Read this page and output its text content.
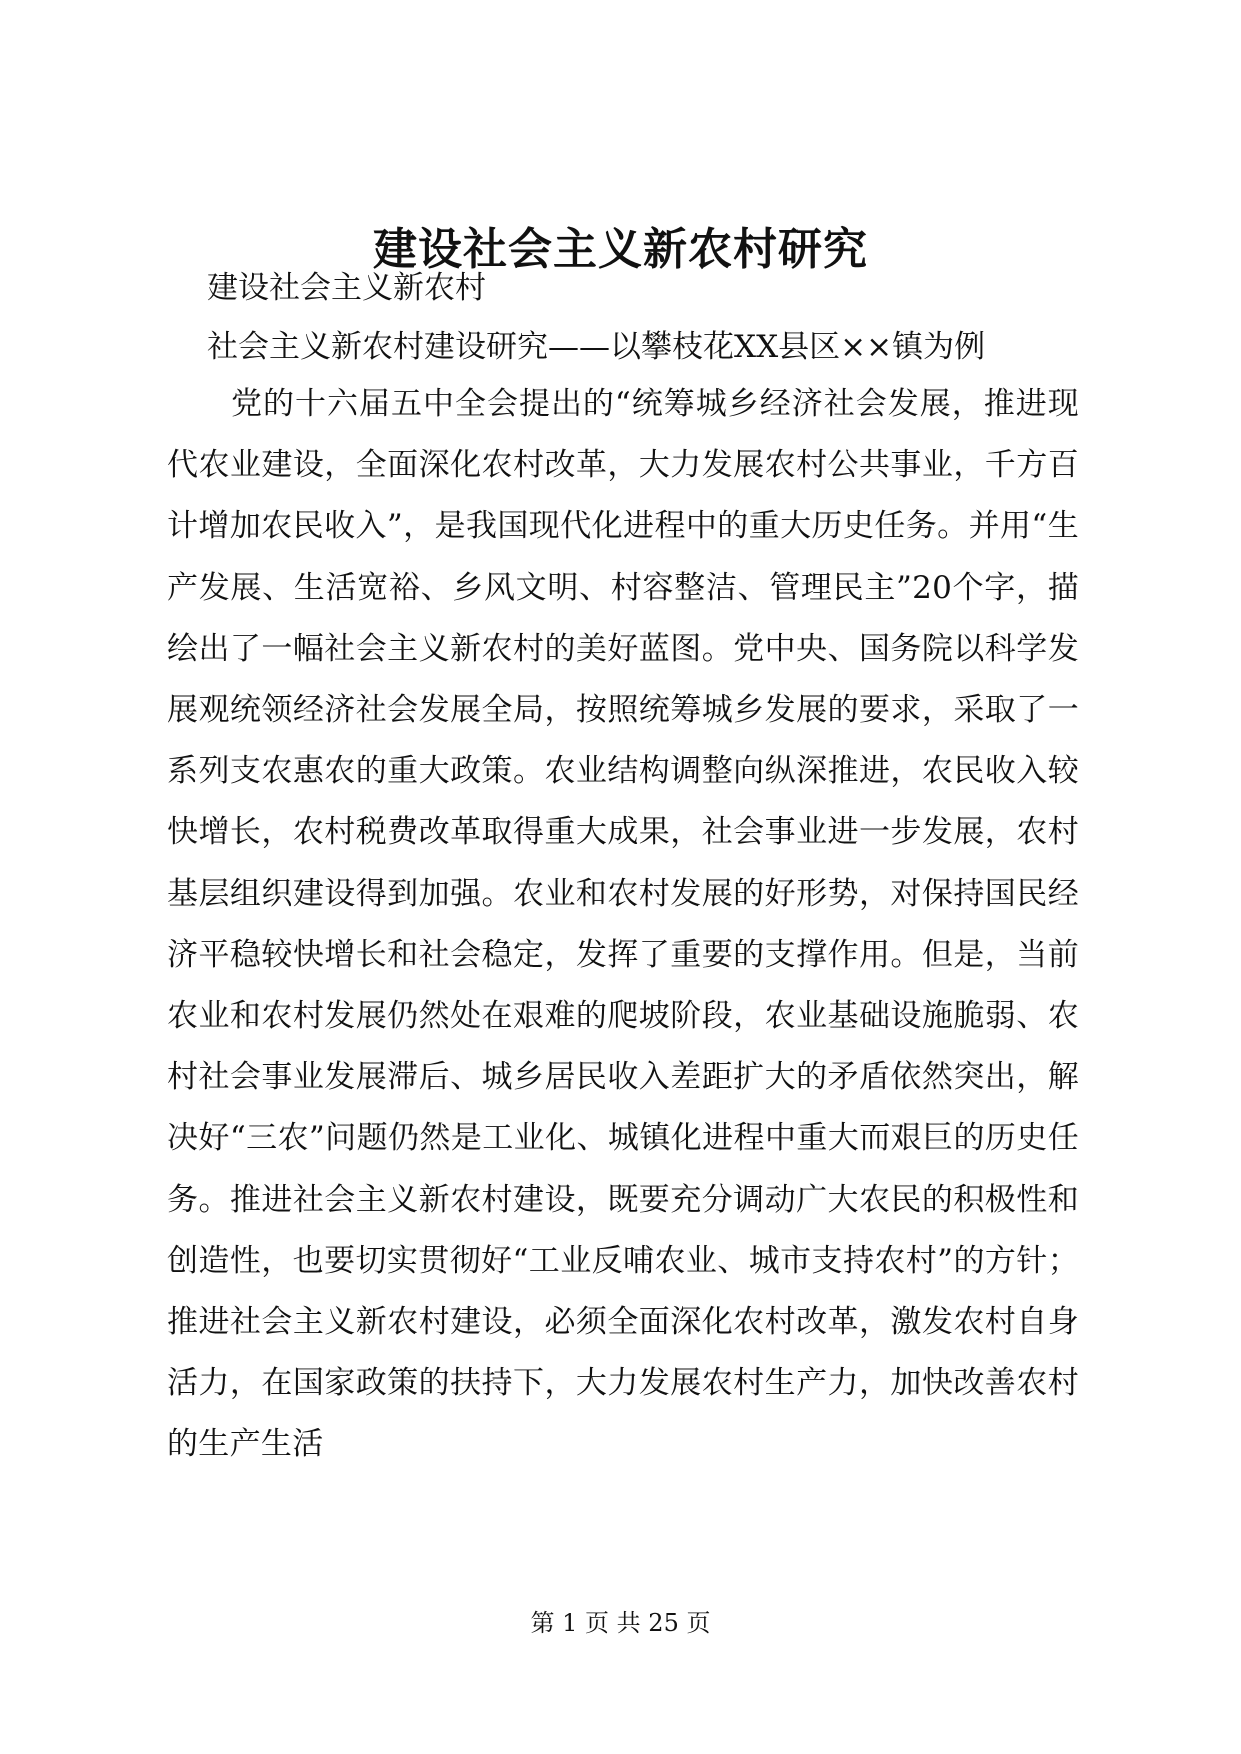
建设社会主义新农村研究
建设社会主义新农村
社会主义新农村建设研究——以攀枝花XX县区××镇为例

党的十六届五中全会提出的“统筹城乡经济社会发展，推进现代农业建设，全面深化农村改革，大力发展农村公共事业，千方百计增加农民收入”，是我国现代化进程中的重大历史任务。并用“生产发展、生活宽裕、乡风文明、村容整洁、管理民主”20个字，描绘出了一幅社会主义新农村的美好蓝图。党中央、国务院以科学发展观统领经济社会发展全局，按照统筹城乡发展的要求，采取了一系列支农惠农的重大政策。农业结构调整向纵深推进，农民收入较快增长，农村税费改革取得重大成果，社会事业进一步发展，农村基层组织建设得到加强。农业和农村发展的好形势，对保持国民经济平稳较快增长和社会稳定，发挥了重要的支撑作用。但是，当前农业和农村发展仍然处在艰难的爬坡阶段，农业基础设施脆弱、农村社会事业发展滞后、城乡居民收入差距扩大的矛盾依然突出，解决好“三农”问题仍然是工业化、城镇化进程中重大而艰巨的历史任务。推进社会主义新农村建设，既要充分调动广大农民的积极性和创造性，也要切实贯彻好“工业反哺农业、城市支持农村”的方针；推进社会主义新农村建设，必须全面深化农村改革，激发农村自身活力，在国家政策的扶持下，大力发展农村生产力，加快改善农村的生产生活

第 1 页 共 25 页
